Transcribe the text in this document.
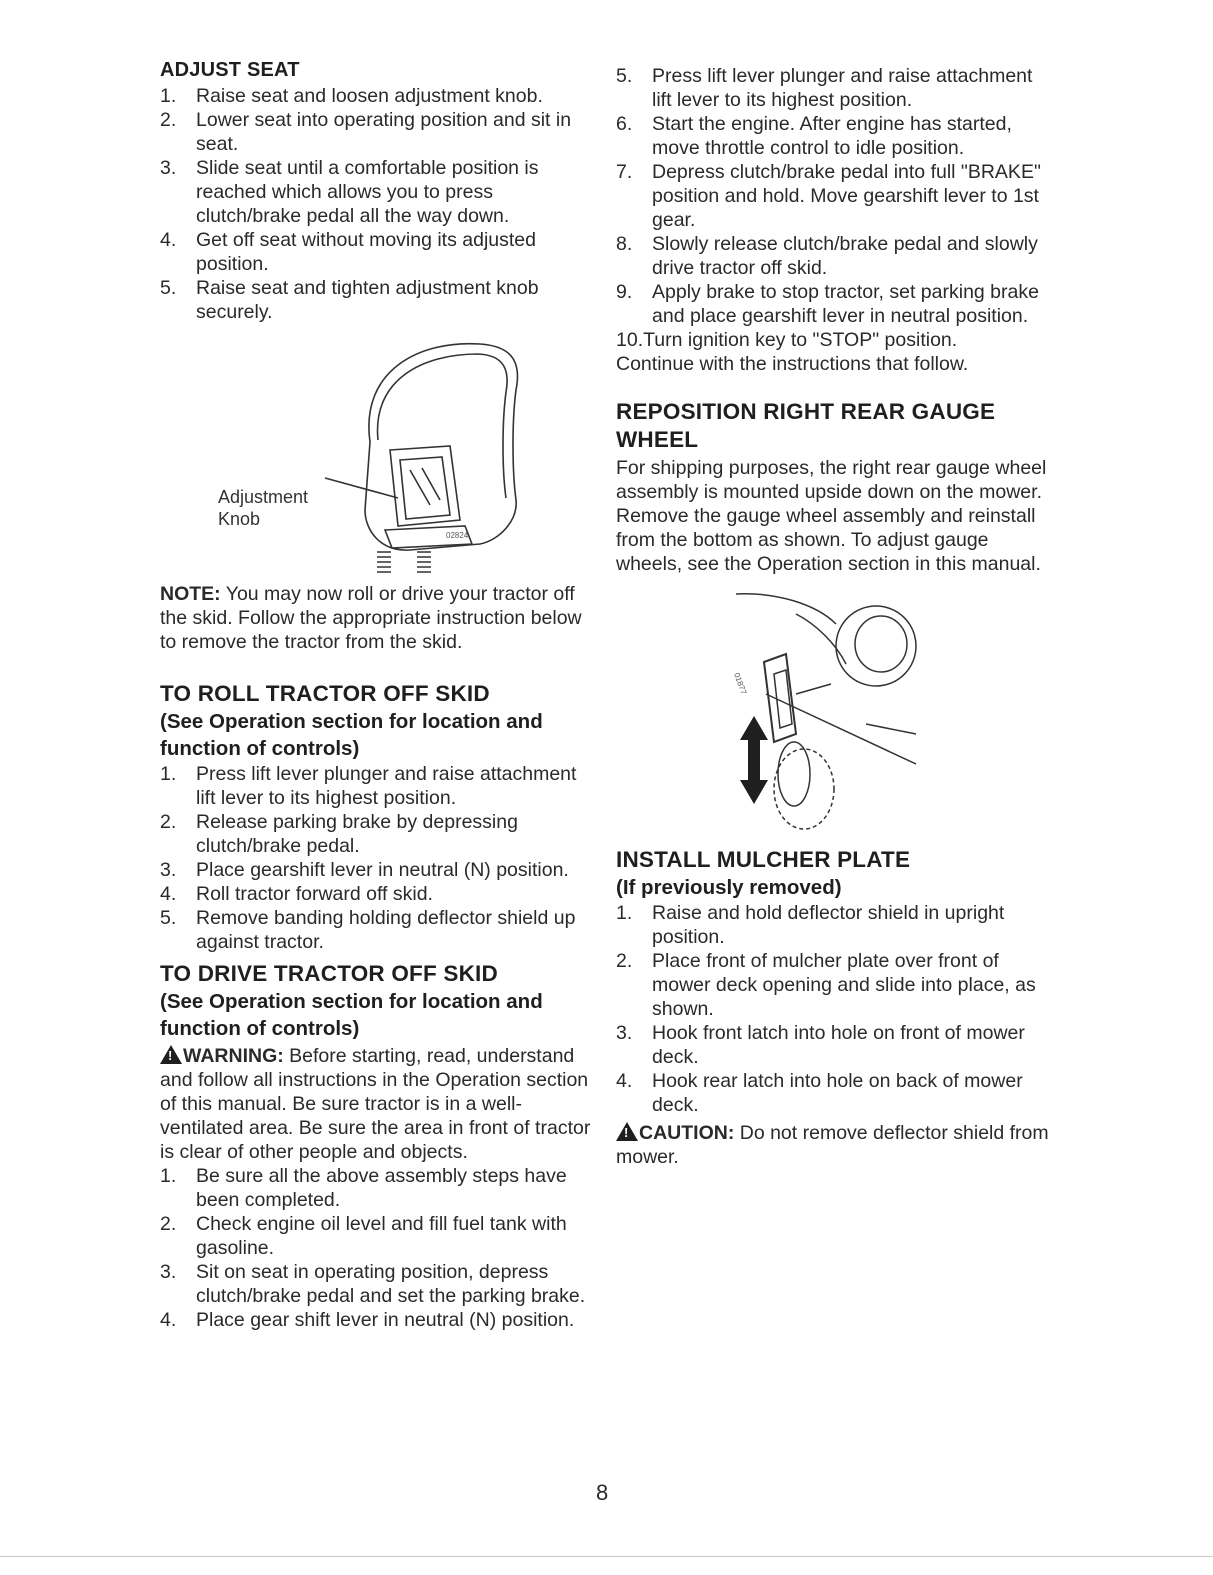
ADJUST SEAT
1.	Raise seat and loosen adjustment knob.
2.	Lower seat into operating position and sit in seat.
3.	Slide seat until a comfortable position is reached which allows you to press clutch/brake pedal all the way down.
4.	Get off seat without moving its adjusted position.
5.	Raise seat and tighten adjustment knob securely.
Adjustment
Knob
02824

NOTE: You may now roll or drive your tractor off the skid. Follow the appropriate instruction below to remove the tractor from the skid.

TO ROLL TRACTOR OFF SKID

(See Operation section for location and function of controls)

1.	Press lift lever plunger and raise attachment lift lever to its highest position.
2.	Release parking brake by depressing clutch/brake pedal.
3.	Place gearshift lever in neutral (N) position.
4.	Roll tractor forward off skid.
5.	Remove banding holding deflector shield up against tractor.
TO DRIVE TRACTOR OFF SKID

(See Operation section for location and function of controls)

!WARNING: Before starting, read, understand and follow all instructions in the Operation section of this manual. Be sure tractor is in a well-ventilated area. Be sure the area in front of tractor is clear of other people and objects.

1.	Be sure all the above assembly steps have been completed.
2.	Check engine oil level and fill fuel tank with gasoline.
3.	Sit on seat in operating position, depress clutch/brake pedal and set the parking brake.
4.	Place gear shift lever in neutral (N) position.
5.	Press lift lever plunger and raise attachment lift lever to its highest position.
6.	Start the engine. After engine has started, move throttle control to idle position.
7.	Depress clutch/brake pedal into full "BRAKE" position and hold. Move gearshift lever to 1st gear.
8.	Slowly release clutch/brake pedal and slowly drive tractor off skid.
9.	Apply brake to stop tractor, set parking brake and place gearshift lever in neutral position.
10.Turn ignition key to "STOP" position.

Continue with the instructions that follow.

REPOSITION RIGHT REAR GAUGE WHEEL

For shipping purposes, the right rear gauge wheel assembly is mounted upside down on the mower. Remove the gauge wheel assembly and reinstall from the bottom as shown. To adjust gauge wheels, see the Operation section in this manual.

01877
INSTALL MULCHER PLATE

(If previously removed)

1.	Raise and hold deflector shield in upright position.
2.	Place front of mulcher plate over front of mower deck opening and slide into place, as shown.
3.	Hook front latch into hole on front of mower deck.
4.	Hook rear latch into hole on back of mower deck.

!CAUTION: Do not remove deflector shield from mower.

8
